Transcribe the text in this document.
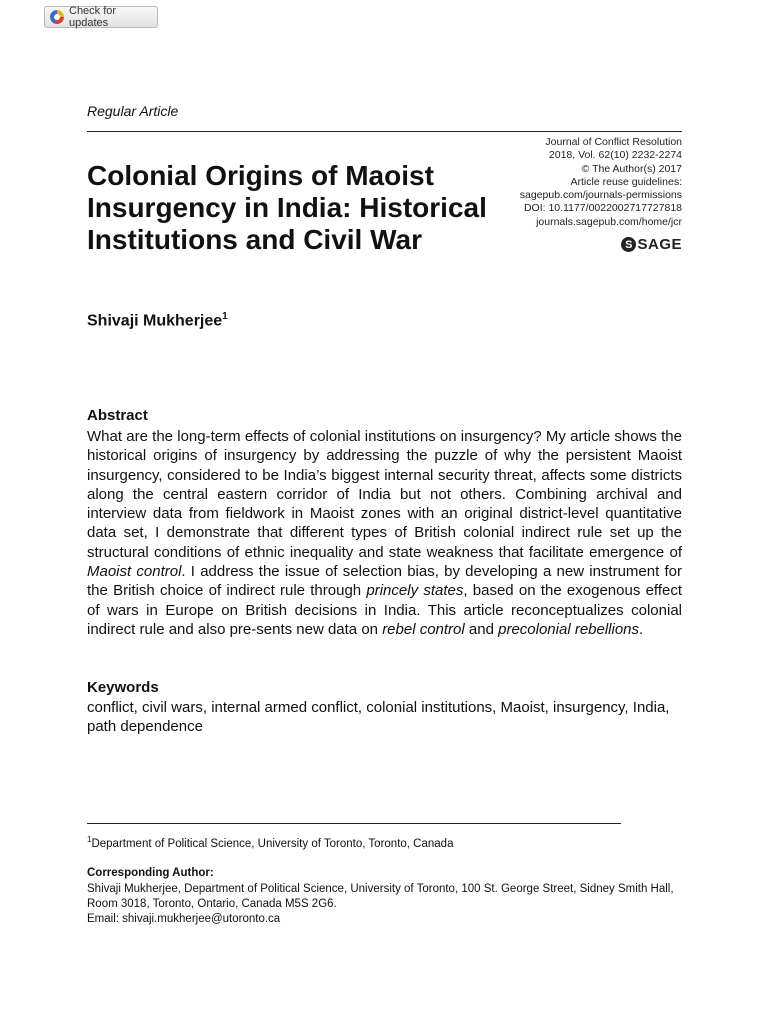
Check for updates
Regular Article
Journal of Conflict Resolution
2018, Vol. 62(10) 2232-2274
© The Author(s) 2017
Article reuse guidelines:
sagepub.com/journals-permissions
DOI: 10.1177/0022002717727818
journals.sagepub.com/home/jcr
S SAGE
Colonial Origins of Maoist Insurgency in India: Historical Institutions and Civil War
Shivaji Mukherjee$^1$
Abstract

What are the long-term effects of colonial institutions on insurgency? My article shows the historical origins of insurgency by addressing the puzzle of why the persistent Maoist insurgency, considered to be India’s biggest internal security threat, affects some districts along the central eastern corridor of India but not others. Combining archival and interview data from fieldwork in Maoist zones with an original district-level quantitative data set, I demonstrate that different types of British colonial indirect rule set up the structural conditions of ethnic inequality and state weakness that facilitate emergence of Maoist control. I address the issue of selection bias, by developing a new instrument for the British choice of indirect rule through princely states, based on the exogenous effect of wars in Europe on British decisions in India. This article reconceptualizes colonial indirect rule and also pre-sents new data on rebel control and precolonial rebellions.

Keywords

conflict, civil wars, internal armed conflict, colonial institutions, Maoist, insurgency, India, path dependence

$^1$Department of Political Science, University of Toronto, Toronto, Canada
Corresponding Author:
Shivaji Mukherjee, Department of Political Science, University of Toronto, 100 St. George Street, Sidney Smith Hall, Room 3018, Toronto, Ontario, Canada M5S 2G6.
Email: shivaji.mukherjee@utoronto.ca
